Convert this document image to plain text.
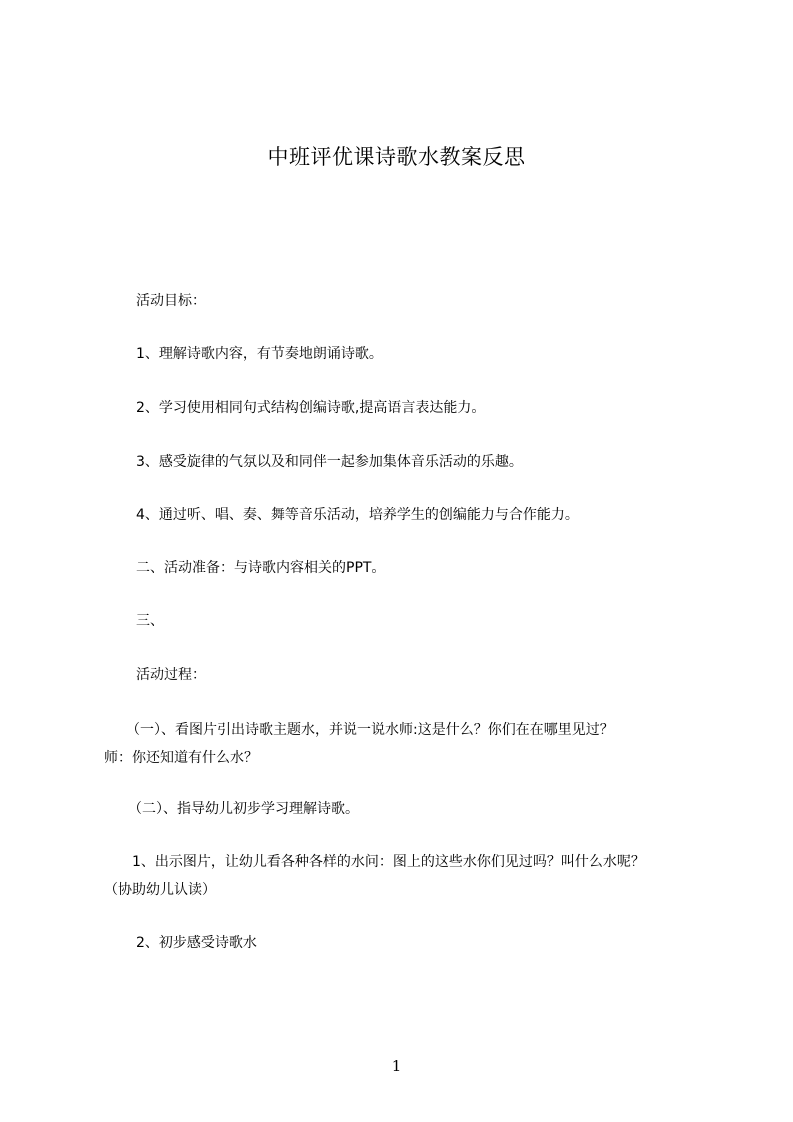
中班评优课诗歌水教案反思
活动目标：
1、理解诗歌内容，有节奏地朗诵诗歌。
2、学习使用相同句式结构创编诗歌,提高语言表达能力。
3、感受旋律的气氛以及和同伴一起参加集体音乐活动的乐趣。
4、通过听、唱、奏、舞等音乐活动，培养学生的创编能力与合作能力。
二、活动准备：与诗歌内容相关的PPT。
三、
活动过程：
（一）、看图片引出诗歌主题水，并说一说水师:这是什么？你们在在哪里见过？
师：你还知道有什么水？
（二）、指导幼儿初步学习理解诗歌。
1、出示图片，让幼儿看各种各样的水问：图上的这些水你们见过吗？叫什么水呢？
（协助幼儿认读）
2、初步感受诗歌水
1
